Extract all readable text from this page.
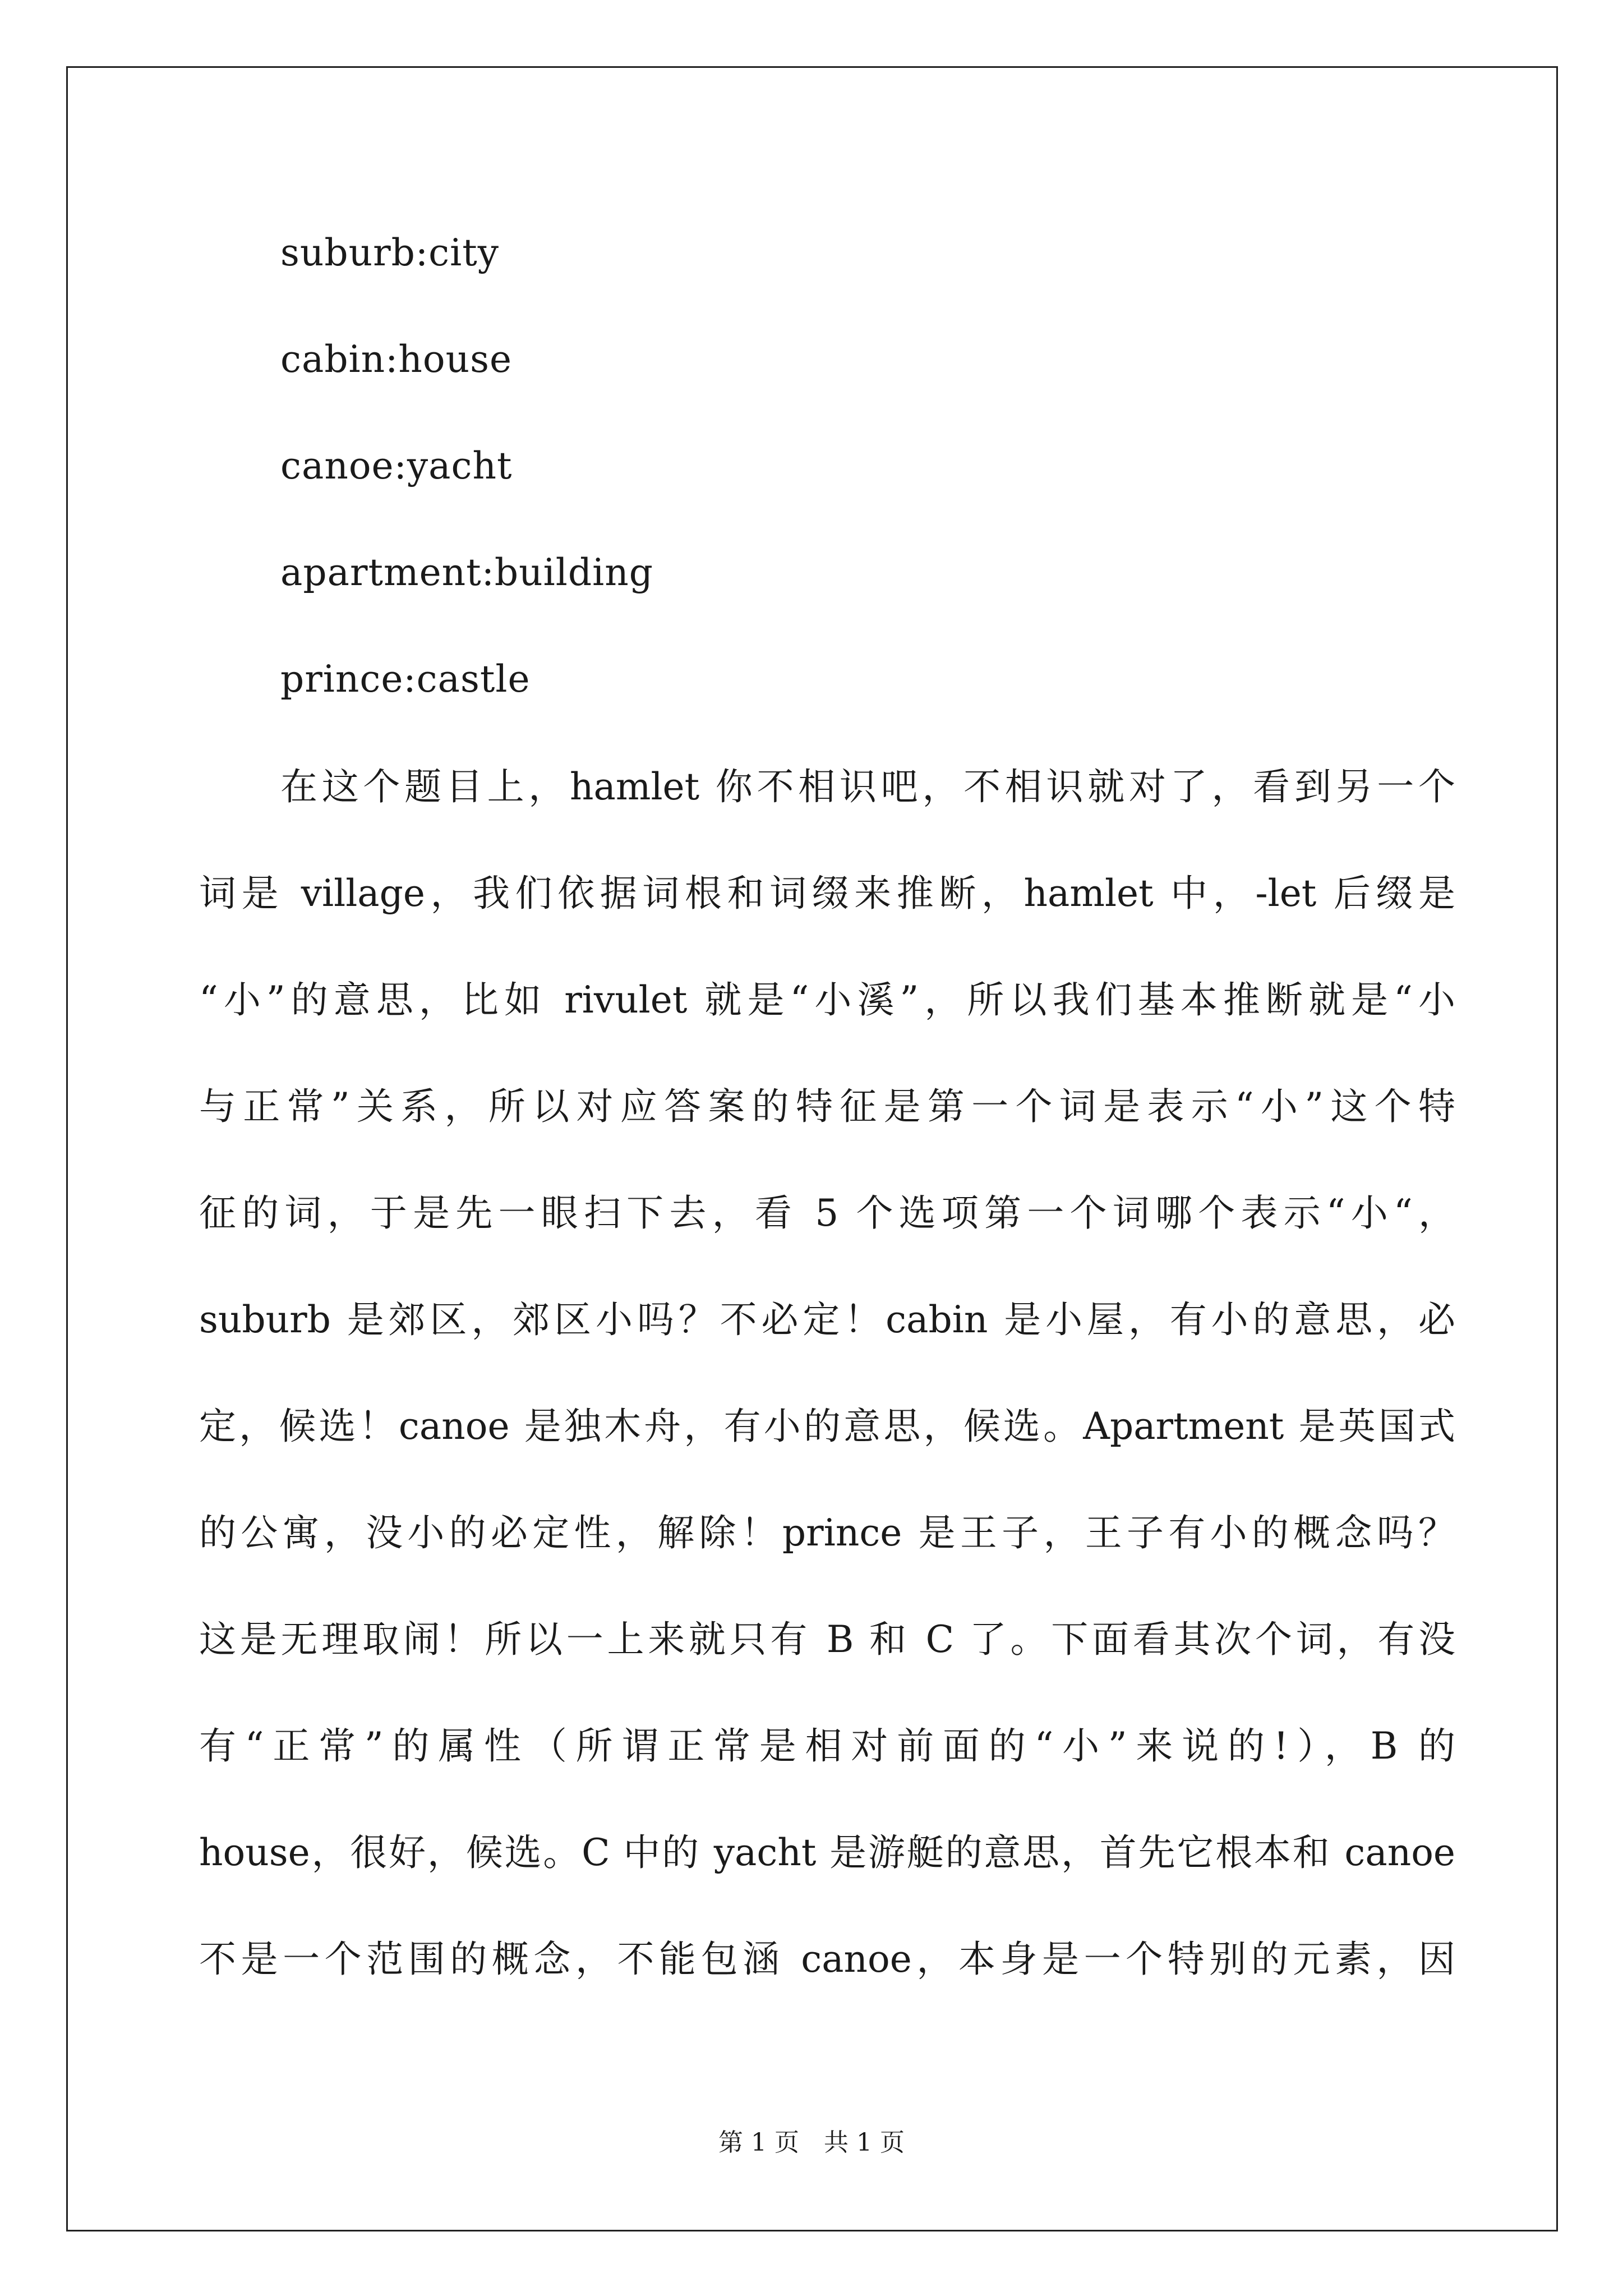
suburb:city
cabin:house
canoe:yacht
apartment:building
prince:castle
在这个题目上，hamlet 你不相识吧，不相识就对了，看到另一个
词是 village，我们依据词根和词缀来推断，hamlet 中，-let 后缀是
“小”的意思，比如 rivulet 就是“小溪”，所以我们基本推断就是“小
与正常”关系，所以对应答案的特征是第一个词是表示“小”这个特
征的词，于是先一眼扫下去，看 5 个选项第一个词哪个表示“小“，
suburb 是郊区，郊区小吗？不必定！cabin 是小屋，有小的意思，必
定，候选！canoe 是独木舟，有小的意思，候选。Apartment 是英国式
的公寓，没小的必定性，解除！prince 是王子，王子有小的概念吗？
这是无理取闹！所以一上来就只有 B 和 C 了。下面看其次个词，有没
有“正常”的属性（所谓正常是相对前面的“小”来说的!），B 的
house，很好，候选。C 中的 yacht 是游艇的意思，首先它根本和 canoe
不是一个范围的概念，不能包涵 canoe，本身是一个特别的元素，因
第 1 页　共 1 页
